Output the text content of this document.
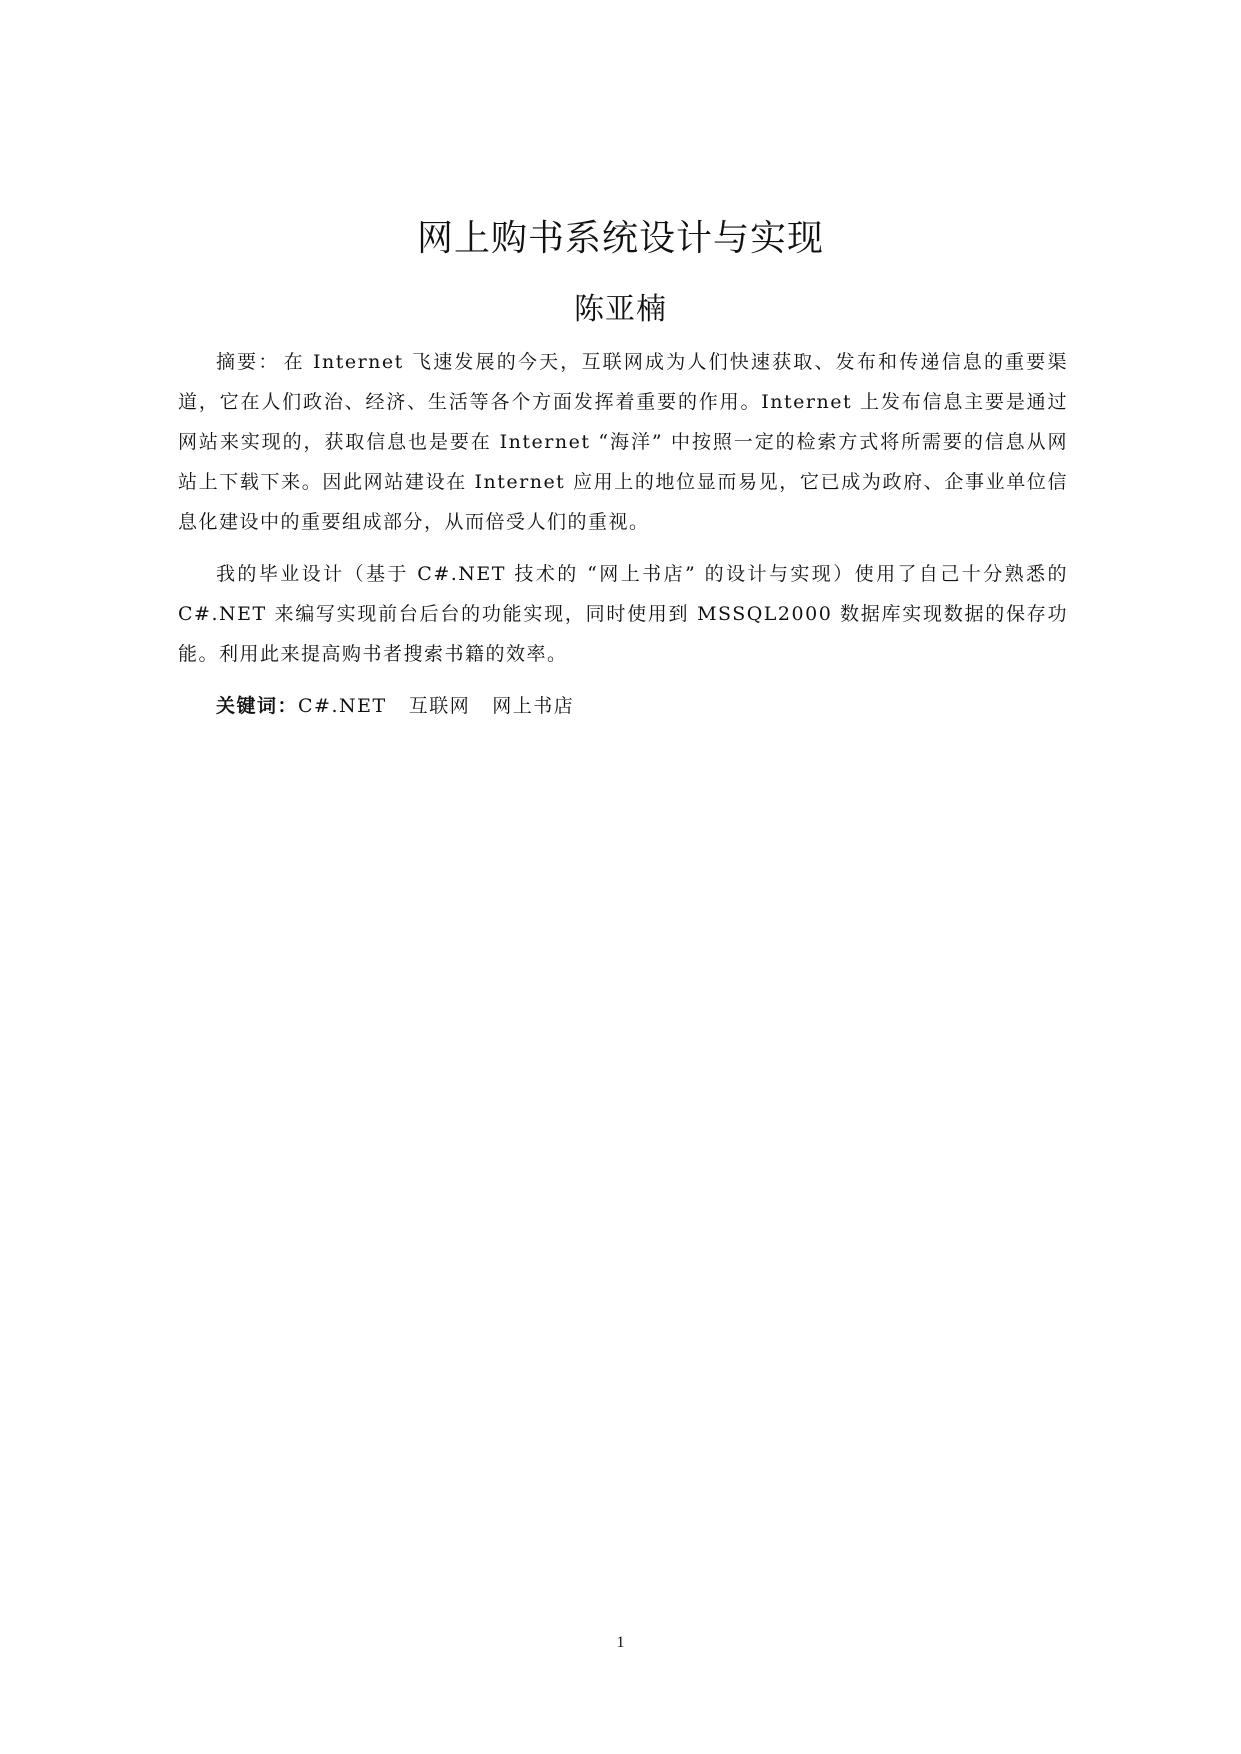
网上购书系统设计与实现
陈亚楠

摘要： 在 Internet 飞速发展的今天，互联网成为人们快速获取、发布和传递信息的重要渠道，它在人们政治、经济、生活等各个方面发挥着重要的作用。Internet 上发布信息主要是通过网站来实现的，获取信息也是要在 Internet “海洋” 中按照一定的检索方式将所需要的信息从网站上下载下来。因此网站建设在 Internet 应用上的地位显而易见，它已成为政府、企事业单位信息化建设中的重要组成部分，从而倍受人们的重视。

我的毕业设计（基于 C#.NET 技术的 “网上书店” 的设计与实现）使用了自己十分熟悉的 C#.NET 来编写实现前台后台的功能实现，同时使用到 MSSQL2000 数据库实现数据的保存功能。利用此来提高购书者搜索书籍的效率。

关键词：C#.NET 互联网 网上书店

1
